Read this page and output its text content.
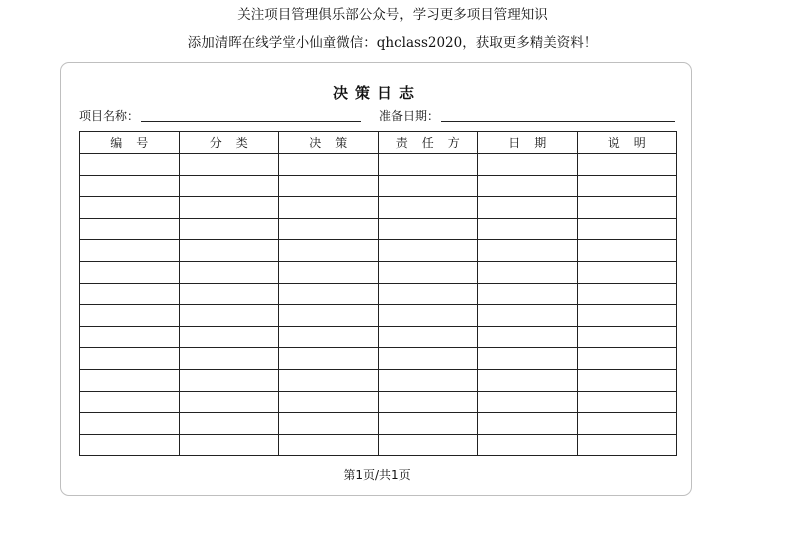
关注项目管理俱乐部公众号，学习更多项目管理知识
添加清晖在线学堂小仙童微信：qhclass2020，获取更多精美资料！
决策日志
项目名称：	准备日期：
编号	分类	决策	责任方	日期	说明

第1页/共1页
